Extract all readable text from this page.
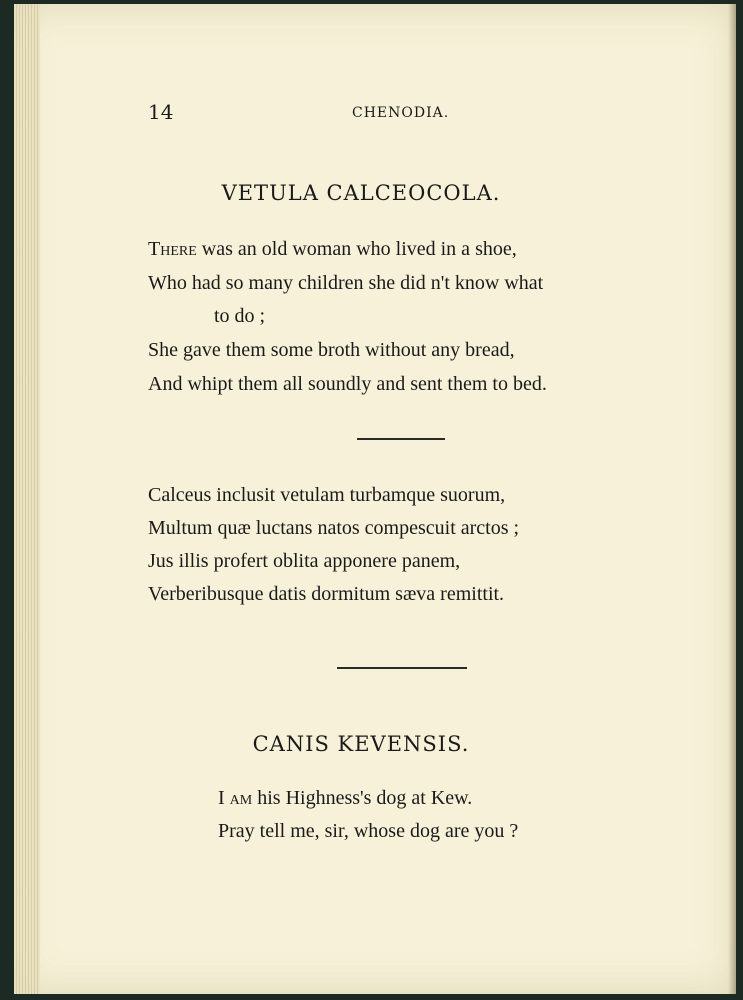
14	CHENODIA.
VETULA CALCEOCOLA.
There was an old woman who lived in a shoe,
Who had so many children she did n't know what
to do ;
She gave them some broth without any bread,
And whipt them all soundly and sent them to bed.
Calceus inclusit vetulam turbamque suorum,
Multum quæ luctans natos compescuit arctos ;
Jus illis profert oblita apponere panem,
Verberibusque datis dormitum sæva remittit.
CANIS KEVENSIS.
I am his Highness's dog at Kew.
Pray tell me, sir, whose dog are you ?
